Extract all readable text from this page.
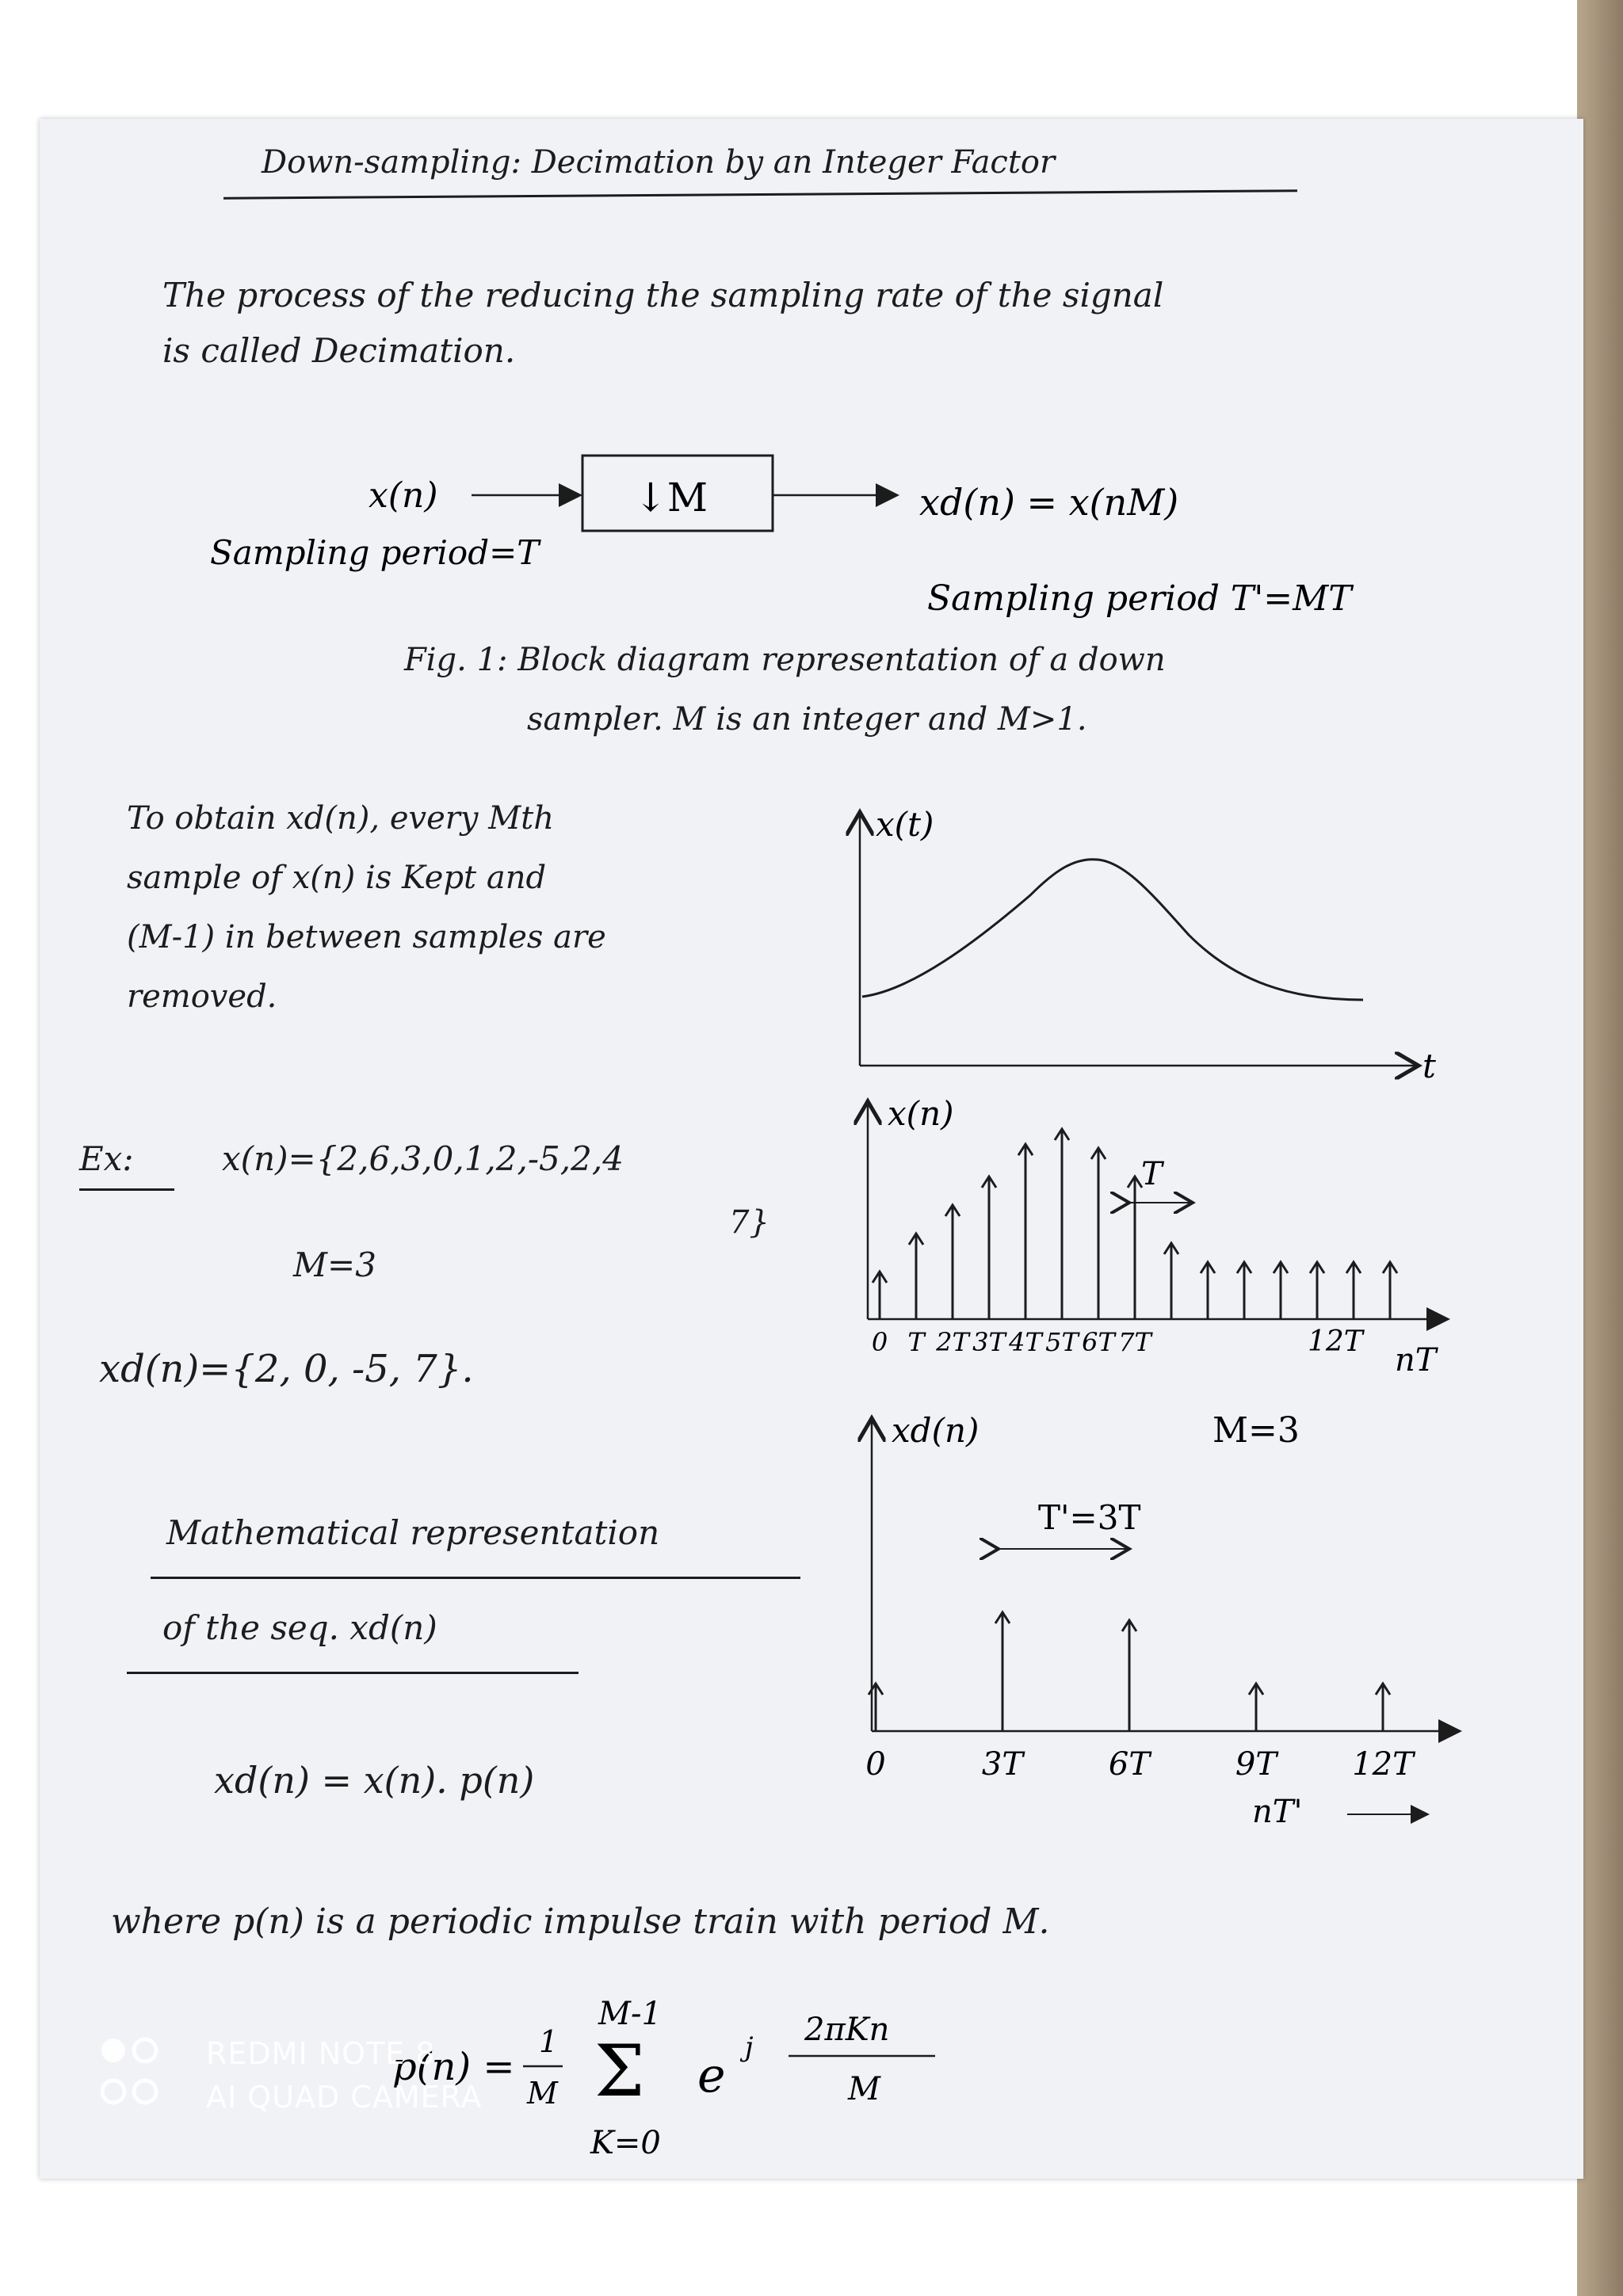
Down-sampling: Decimation by an Integer Factor
The process of the reducing the sampling rate of the signal
is called Decimation.
x(n)	↓M	xd(n) = x(nM)
Sampling period=T
Sampling period T'=MT
x(t)
t
x(n)
T
0 T 2T 3T 4T 5T 6T 7T	12T
nT
xd(n)	M=3
T'=3T
0	3T	6T	9T 12T
nT'
Fig. 1: Block diagram representation of a down
sampler. M is an integer and M>1.
To obtain xd(n), every Mth
sample of x(n) is Kept and
(M-1) in between samples are
removed.
Ex:	x(n)={2,6,3,0,1,2,-5,2,4
7}
M=3
xd(n)={2, 0, -5, 7}.
Mathematical representation
of the seq. xd(n)
xd(n) = x(n). p(n)
where p(n) is a periodic impulse train with period M.
p(n) =
1
M
M-1
Σ
K=0
e
j 2πKn
M
REDMI NOTE 8
AI QUAD CAMERA
